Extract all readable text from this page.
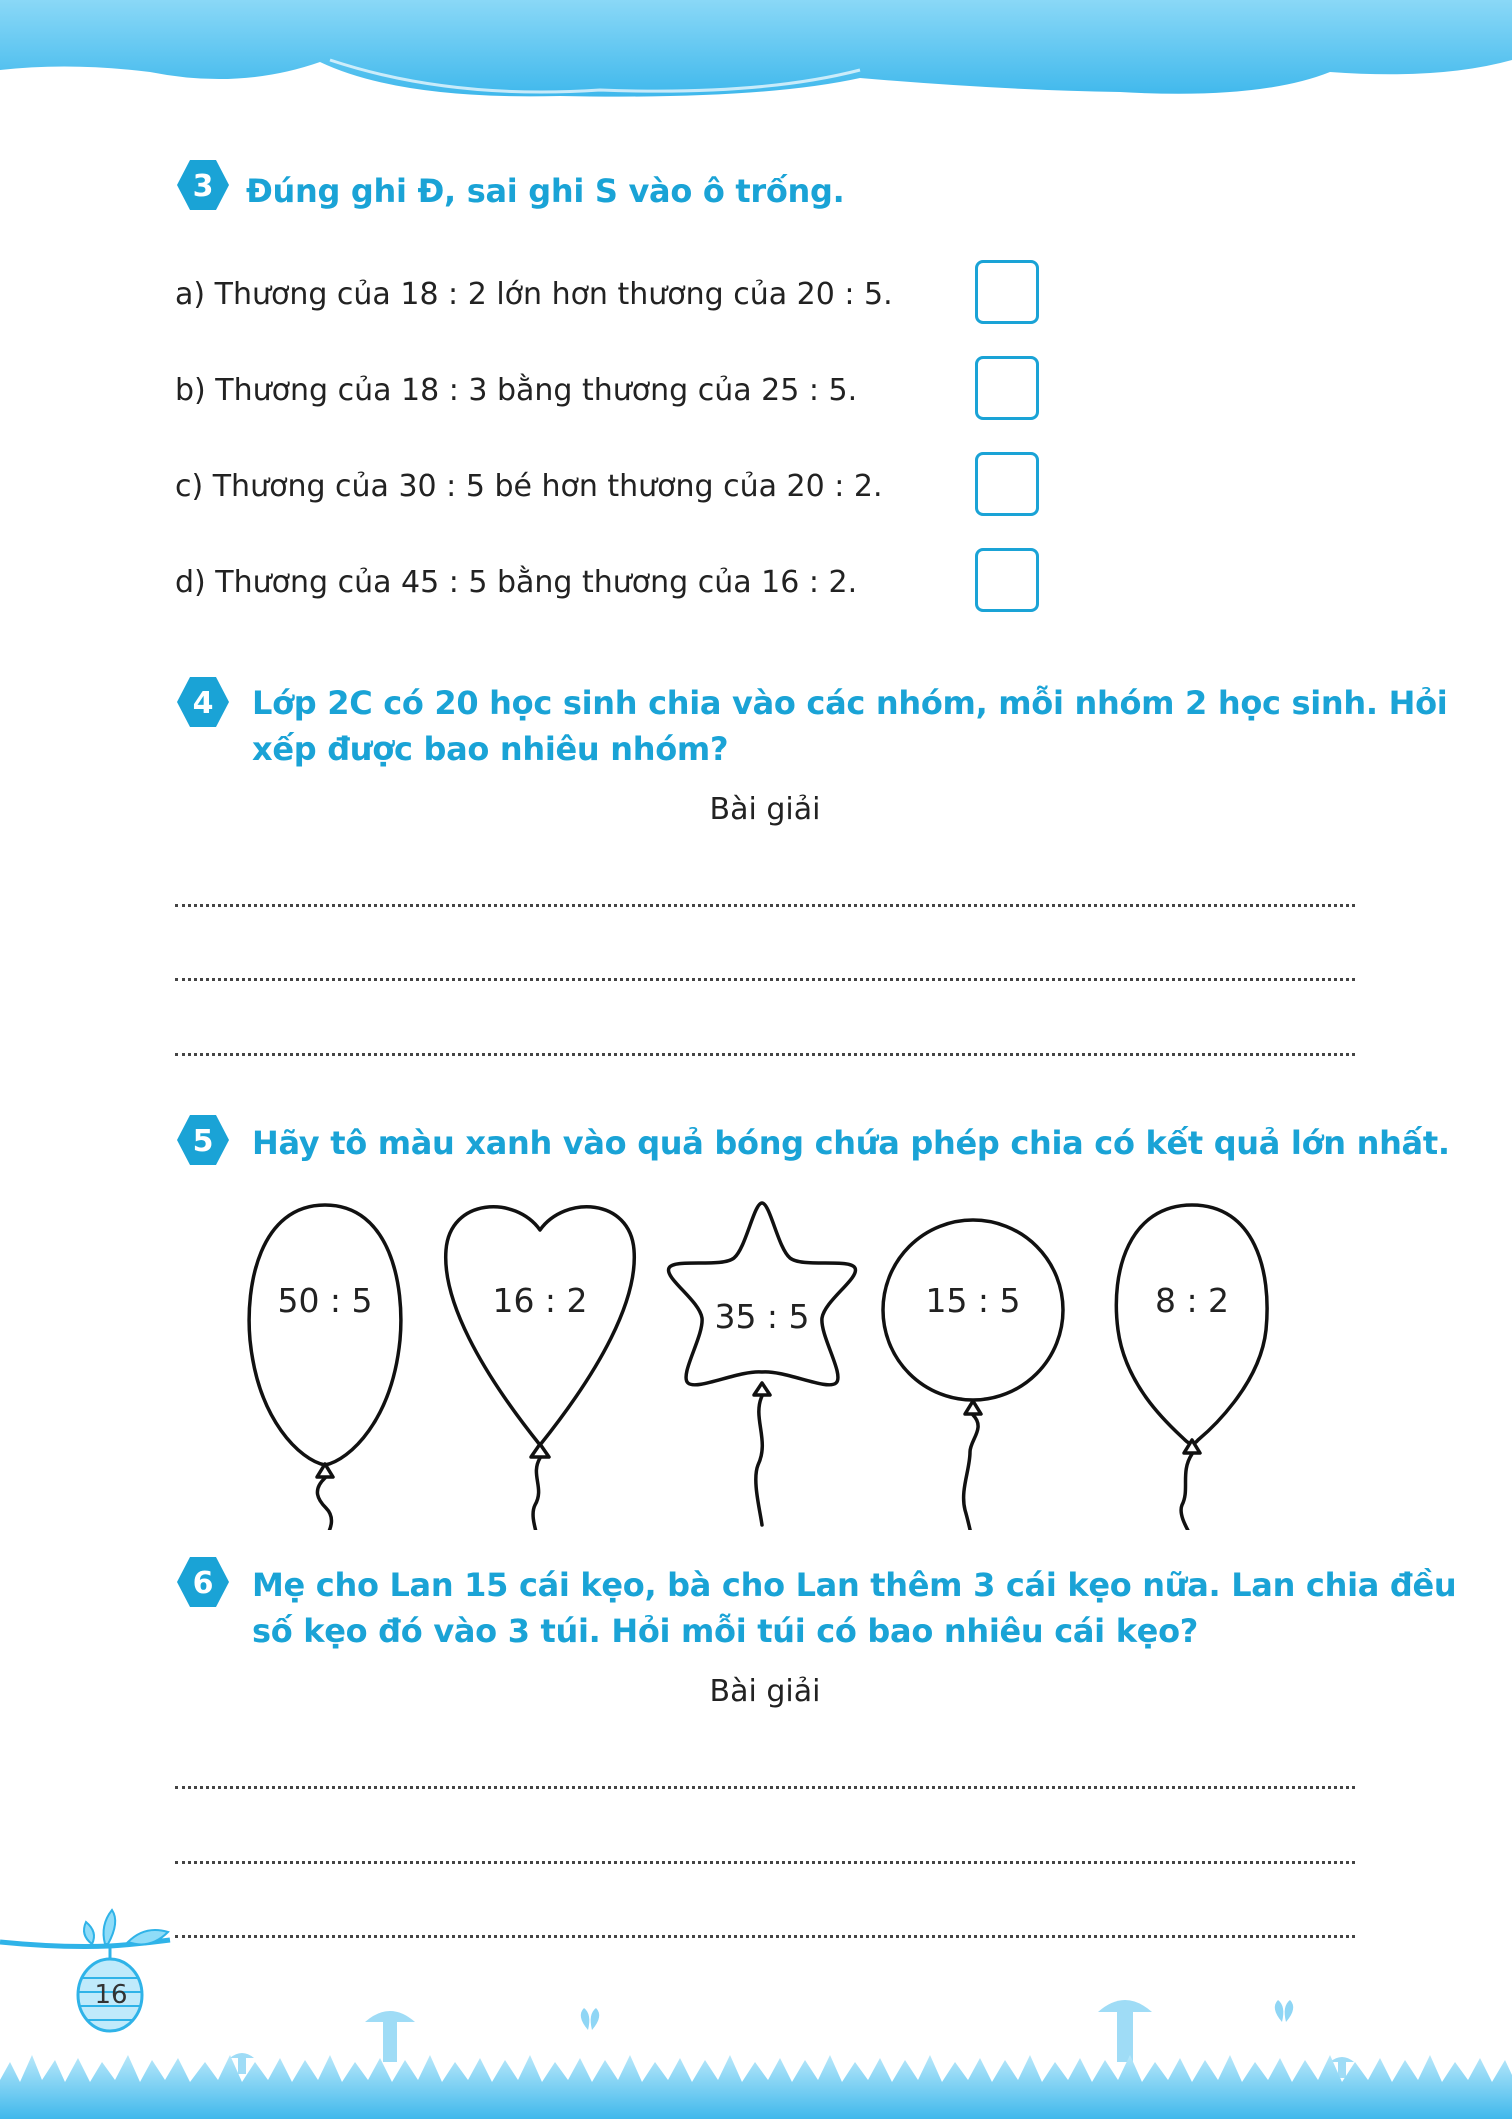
3 Đúng ghi Đ, sai ghi S vào ô trống.
a) Thương của 18 : 2 lớn hơn thương của 20 : 5.
b) Thương của 18 : 3 bằng thương của 25 : 5.
c) Thương của 30 : 5 bé hơn thương của 20 : 2.
d) Thương của 45 : 5 bằng thương của 16 : 2.
4 Lớp 2C có 20 học sinh chia vào các nhóm, mỗi nhóm 2 học sinh. Hỏi
xếp được bao nhiêu nhóm?
Bài giải
5 Hãy tô màu xanh vào quả bóng chứa phép chia có kết quả lớn nhất.
50 : 5	16 : 2	35 : 5	15 : 5	8 : 2
6 Mẹ cho Lan 15 cái kẹo, bà cho Lan thêm 3 cái kẹo nữa. Lan chia đều
số kẹo đó vào 3 túi. Hỏi mỗi túi có bao nhiêu cái kẹo?
Bài giải
16
